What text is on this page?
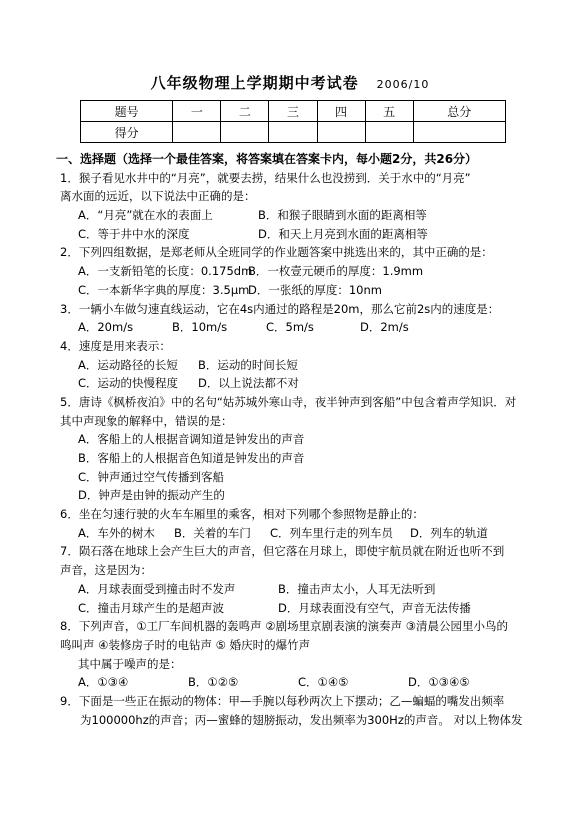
八年级物理上学期期中考试卷 2006/10
题号	一	二	三	四	五	总分
得分						
一、选择题（选择一个最佳答案，将答案填在答案卡内，每小题2分，共26分）
1．猴子看见水井中的“月亮”，就要去捞，结果什么也没捞到．关于水中的“月亮”
离水面的远近，以下说法中正确的是：
A．“月亮”就在水的表面上	B．和猴子眼睛到水面的距离相等
C．等于井中水的深度	D．和天上月亮到水面的距离相等
2．下列四组数据，是郑老师从全班同学的作业题答案中挑选出来的，其中正确的是：
A．一支新铅笔的长度：0.175dmB．一枚壹元硬币的厚度：1.9mm
C．一本新华字典的厚度：3.5μmD．一张纸的厚度：10nm
3．一辆小车做匀速直线运动，它在4s内通过的路程是20m，那么它前2s内的速度是：
A．20m/s	B．10m/s	C．5m/s	D．2m/s
4．速度是用来表示：
A．运动路径的长短 B．运动的时间长短
C．运动的快慢程度 D．以上说法都不对
5．唐诗《枫桥夜泊》中的名句“姑苏城外寒山寺，夜半钟声到客船”中包含着声学知识．对
其中声现象的解释中，错误的是：
A．客船上的人根据音调知道是钟发出的声音
B．客船上的人根据音色知道是钟发出的声音
C．钟声通过空气传播到客船
D．钟声是由钟的振动产生的
6．坐在匀速行驶的火车车厢里的乘客，相对下列哪个参照物是静止的：
A．车外的树木 B．关着的车门 C．列车里行走的列车员 D．列车的轨道
7．陨石落在地球上会产生巨大的声音，但它落在月球上，即使宇航员就在附近也听不到
声音，这是因为：
A．月球表面受到撞击时不发声	B．撞击声太小，人耳无法听到
C．撞击月球产生的是超声波	D．月球表面没有空气，声音无法传播
8．下列声音，①工厂车间机器的轰鸣声 ②剧场里京剧表演的演奏声 ③清晨公园里小鸟的
鸣叫声 ④装修房子时的电钻声 ⑤ 婚庆时的爆竹声
其中属于噪声的是：
A．①③④	B．①②⑤	C．①④⑤	D．①③④⑤
9．下面是一些正在振动的物体：甲—手腕以每秒两次上下摆动；乙—蝙蝠的嘴发出频率
为100000hz的声音；丙—蜜蜂的翅膀振动，发出频率为300Hz的声音。 对以上物体发
